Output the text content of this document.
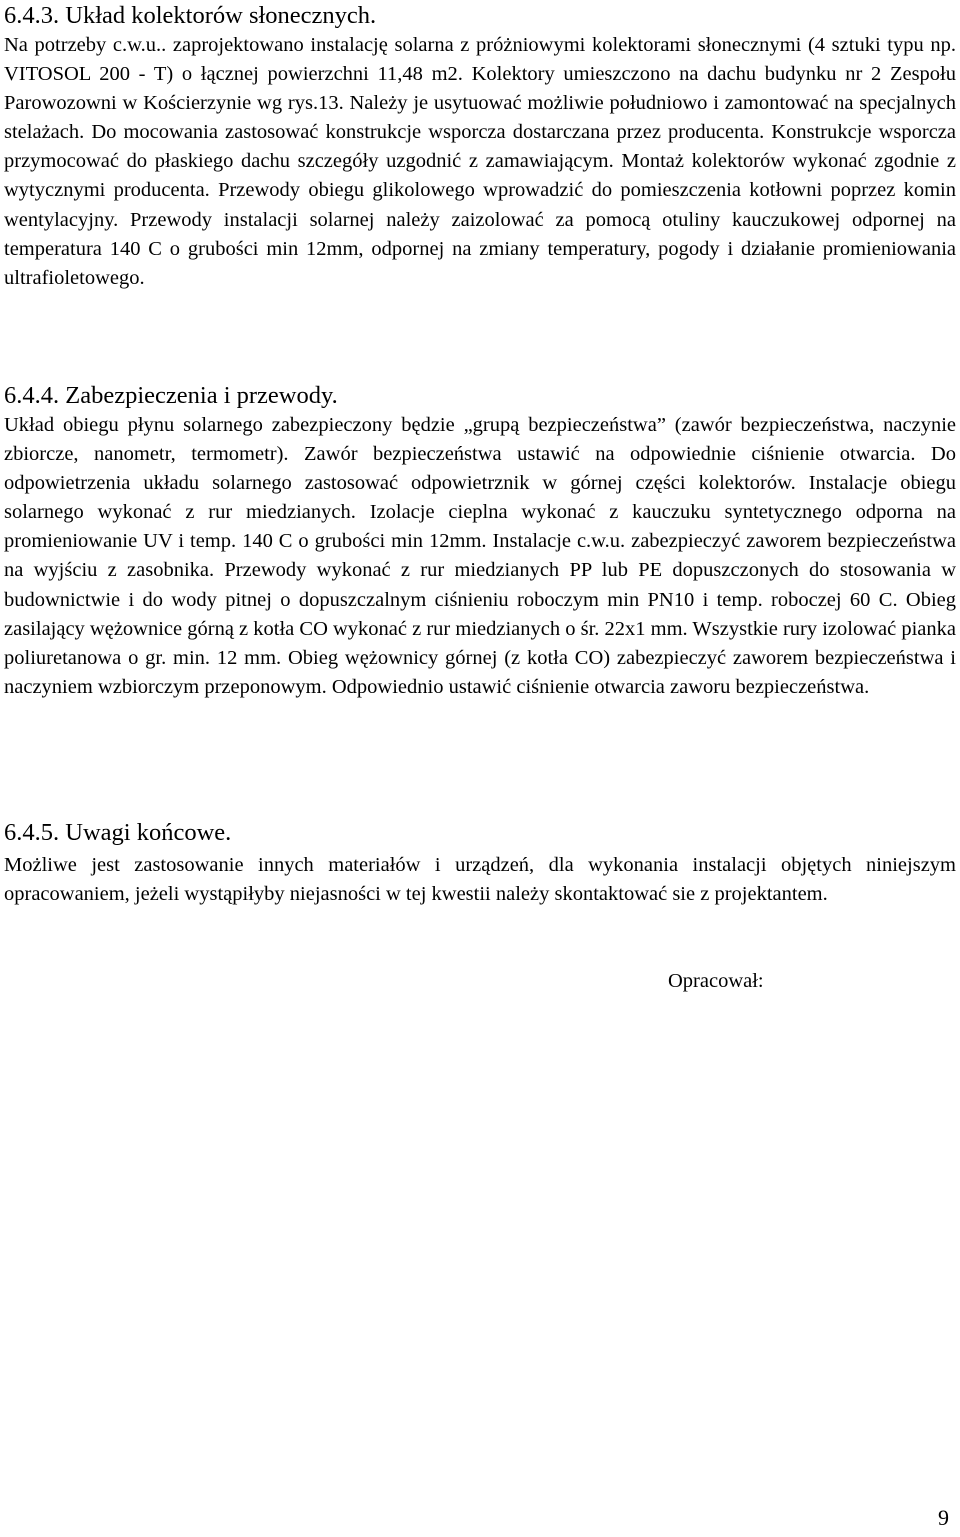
6.4.3. Układ kolektorów słonecznych.

Na potrzeby c.w.u.. zaprojektowano instalację solarna z próżniowymi kolektorami słonecznymi (4 sztuki typu np. VITOSOL 200 - T) o łącznej powierzchni 11,48 m2. Kolektory umieszczono na dachu budynku nr 2 Zespołu Parowozowni w Kościerzynie wg rys.13. Należy je usytuować możliwie południowo i zamontować na specjalnych stelażach. Do mocowania zastosować konstrukcje wsporcza dostarczana przez producenta. Konstrukcje wsporcza przymocować do płaskiego dachu szczegóły uzgodnić z zamawiającym. Montaż kolektorów wykonać zgodnie z wytycznymi producenta. Przewody obiegu glikolowego wprowadzić do pomieszczenia kotłowni poprzez komin wentylacyjny. Przewody instalacji solarnej należy zaizolować za pomocą otuliny kauczukowej odpornej na temperatura 140 C o grubości min 12mm, odpornej na zmiany temperatury, pogody i działanie promieniowania ultrafioletowego.

6.4.4. Zabezpieczenia i przewody.

Układ obiegu płynu solarnego zabezpieczony będzie „grupą bezpieczeństwa” (zawór bezpieczeństwa, naczynie zbiorcze, nanometr, termometr). Zawór bezpieczeństwa ustawić na odpowiednie ciśnienie otwarcia. Do odpowietrzenia układu solarnego zastosować odpowietrznik w górnej części kolektorów. Instalacje obiegu solarnego wykonać z rur miedzianych. Izolacje cieplna wykonać z kauczuku syntetycznego odporna na promieniowanie UV i temp. 140 C o grubości min 12mm. Instalacje c.w.u. zabezpieczyć zaworem bezpieczeństwa na wyjściu z zasobnika. Przewody wykonać z rur miedzianych PP lub PE dopuszczonych do stosowania w budownictwie i do wody pitnej o dopuszczalnym ciśnieniu roboczym min PN10 i temp. roboczej 60 C. Obieg zasilający wężownice górną z kotła CO wykonać z rur miedzianych o śr. 22x1 mm. Wszystkie rury izolować pianka poliuretanowa o gr. min. 12 mm. Obieg wężownicy górnej (z kotła CO) zabezpieczyć zaworem bezpieczeństwa i naczyniem wzbiorczym przeponowym. Odpowiednio ustawić ciśnienie otwarcia zaworu bezpieczeństwa.

6.4.5. Uwagi końcowe.

Możliwe jest zastosowanie innych materiałów i urządzeń, dla wykonania instalacji objętych niniejszym opracowaniem, jeżeli wystąpiłyby niejasności w tej kwestii należy skontaktować sie z projektantem.

Opracował:
9
